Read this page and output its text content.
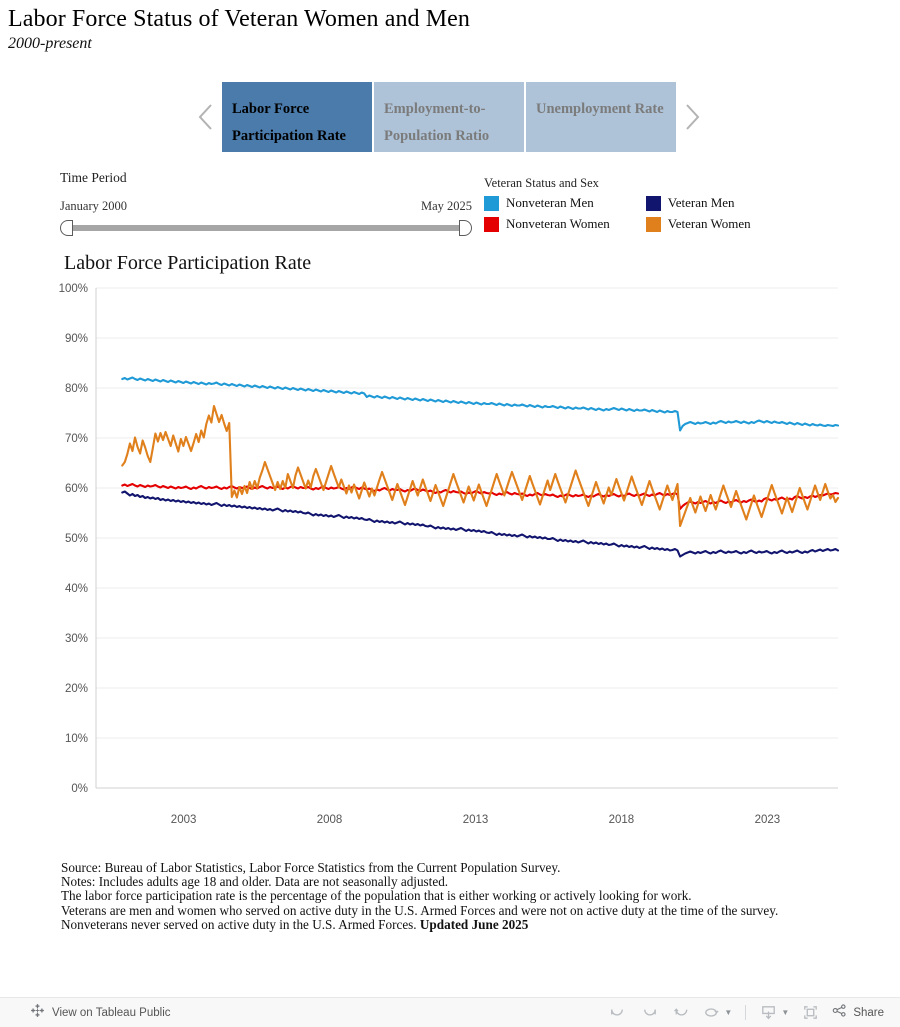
Labor Force Status of Veteran Women and Men
2000-present
Labor Force Participation Rate
Employment-to-Population Ratio
Unemployment Rate
Time Period
January 2000	May 2025
Veteran Status and Sex
Nonveteran Men
Nonveteran Women
Veteran Men
Veteran Women
Labor Force Participation Rate
0%
10%
20%
30%
40%
50%
60%
70%
80%
90%
100%
2003	2008	2013	2018	2023
Source: Bureau of Labor Statistics, Labor Force Statistics from the Current Population Survey.
Notes: Includes adults age 18 and older. Data are not seasonally adjusted.
The labor force participation rate is the percentage of the population that is either working or actively looking for work.
Veterans are men and women who served on active duty in the U.S. Armed Forces and were not on active duty at the time of the survey.
Nonveterans never served on active duty in the U.S. Armed Forces. Updated June 2025
View on Tableau Public	▼	▼	Share
